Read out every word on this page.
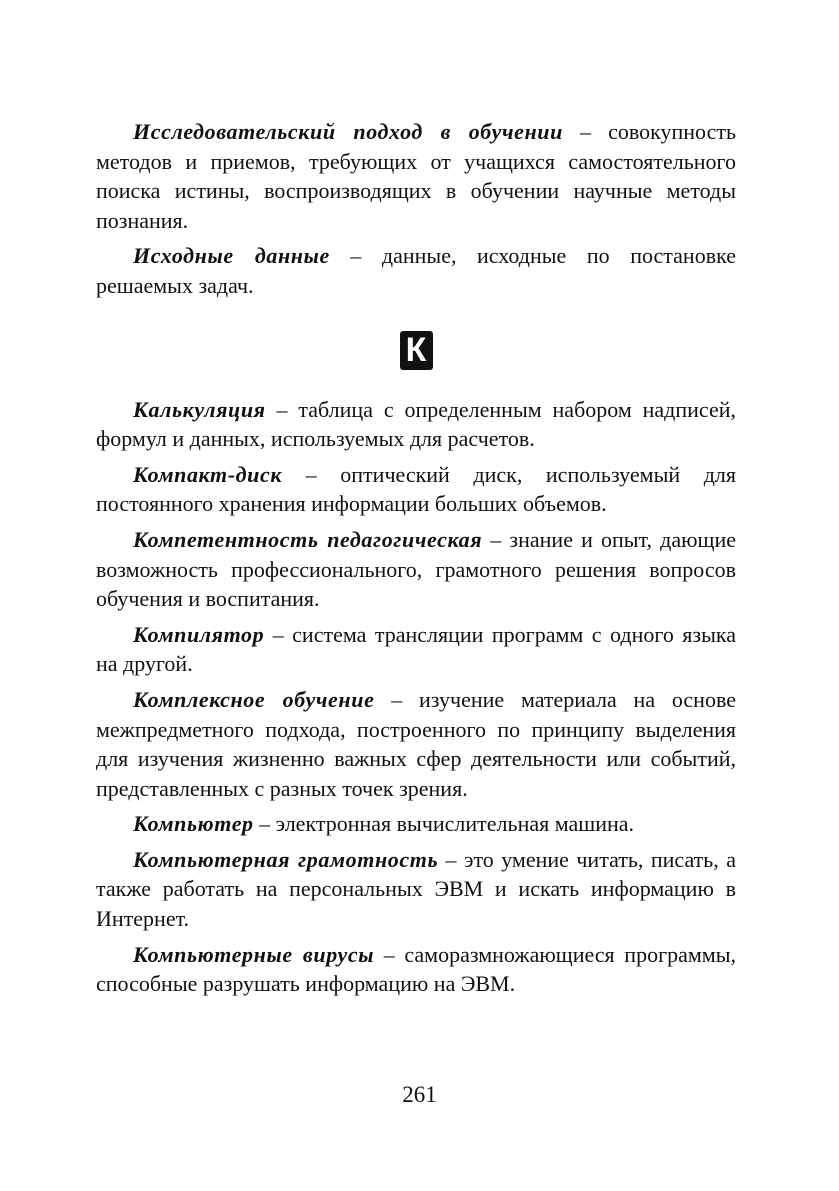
Исследовательский подход в обучении – совокупность методов и приемов, требующих от учащихся самостоятельного поиска истины, воспроизводящих в обучении научные методы познания.

Исходные данные – данные, исходные по постановке решаемых задач.

К

Калькуляция – таблица с определенным набором надписей, формул и данных, используемых для расчетов.

Компакт-диск – оптический диск, используемый для постоянного хранения информации больших объемов.

Компетентность педагогическая – знание и опыт, дающие возможность профессионального, грамотного решения вопросов обучения и воспитания.

Компилятор – система трансляции программ с одного языка на другой.

Комплексное обучение – изучение материала на основе межпредметного подхода, построенного по принципу выделения для изучения жизненно важных сфер деятельности или событий, представленных с разных точек зрения.

Компьютер – электронная вычислительная машина.

Компьютерная грамотность – это умение читать, писать, а также работать на персональных ЭВМ и искать информацию в Интернет.

Компьютерные вирусы – саморазмножающиеся программы, способные разрушать информацию на ЭВМ.

261
